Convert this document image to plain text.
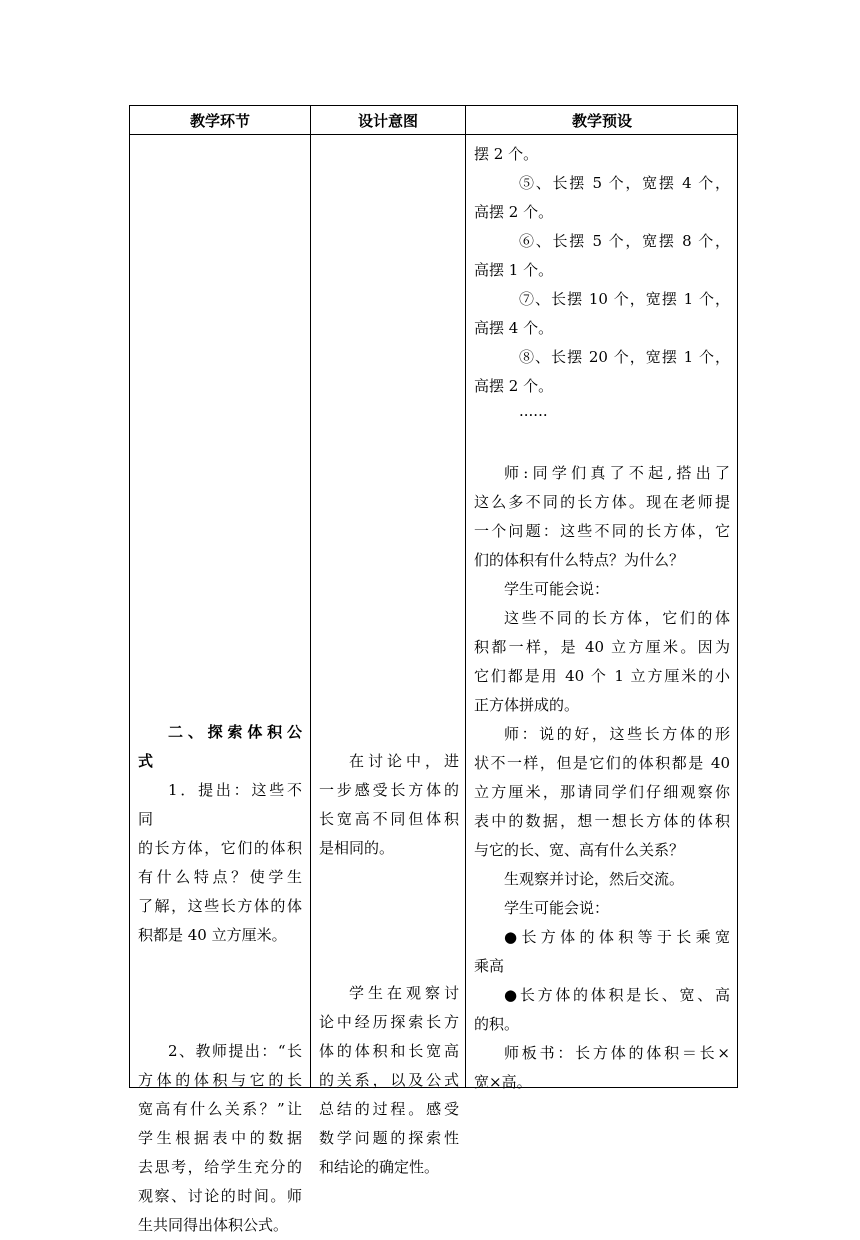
教学环节	设计意图	教学预设

二、探索体积公

式

1．提出：这些不

同

的长方体，它们的体积

有什么特点？使学生

了解，这些长方体的体

积都是 40 立方厘米。

2、教师提出：“长

方体的体积与它的长

宽高有什么关系？”让

学生根据表中的数据

去思考，给学生充分的

观察、讨论的时间。师

生共同得出体积公式。

在讨论中，进

一步感受长方体的

长宽高不同但体积

是相同的。

学生在观察讨

论中经历探索长方

体的体积和长宽高

的关系，以及公式

总结的过程。感受

数学问题的探索性

和结论的确定性。

摆 2 个。

⑤、长摆 5 个，宽摆 4 个，

高摆 2 个。

⑥、长摆 5 个，宽摆 8 个，

高摆 1 个。

⑦、长摆 10 个，宽摆 1 个，

高摆 4 个。

⑧、长摆 20 个，宽摆 1 个，

高摆 2 个。

······

师:同学们真了不起,搭出了

这么多不同的长方体。现在老师提

一个问题：这些不同的长方体，它

们的体积有什么特点？为什么？

学生可能会说：

这些不同的长方体，它们的体

积都一样，是 40 立方厘米。因为

它们都是用 40 个 1 立方厘米的小

正方体拼成的。

师：说的好，这些长方体的形

状不一样，但是它们的体积都是 40

立方厘米，那请同学们仔细观察你

表中的数据，想一想长方体的体积

与它的长、宽、高有什么关系？

生观察并讨论，然后交流。

学生可能会说：

●长方体的体积等于长乘宽

乘高

●长方体的体积是长、宽、高

的积。

师板书：长方体的体积＝长×

宽×高。
